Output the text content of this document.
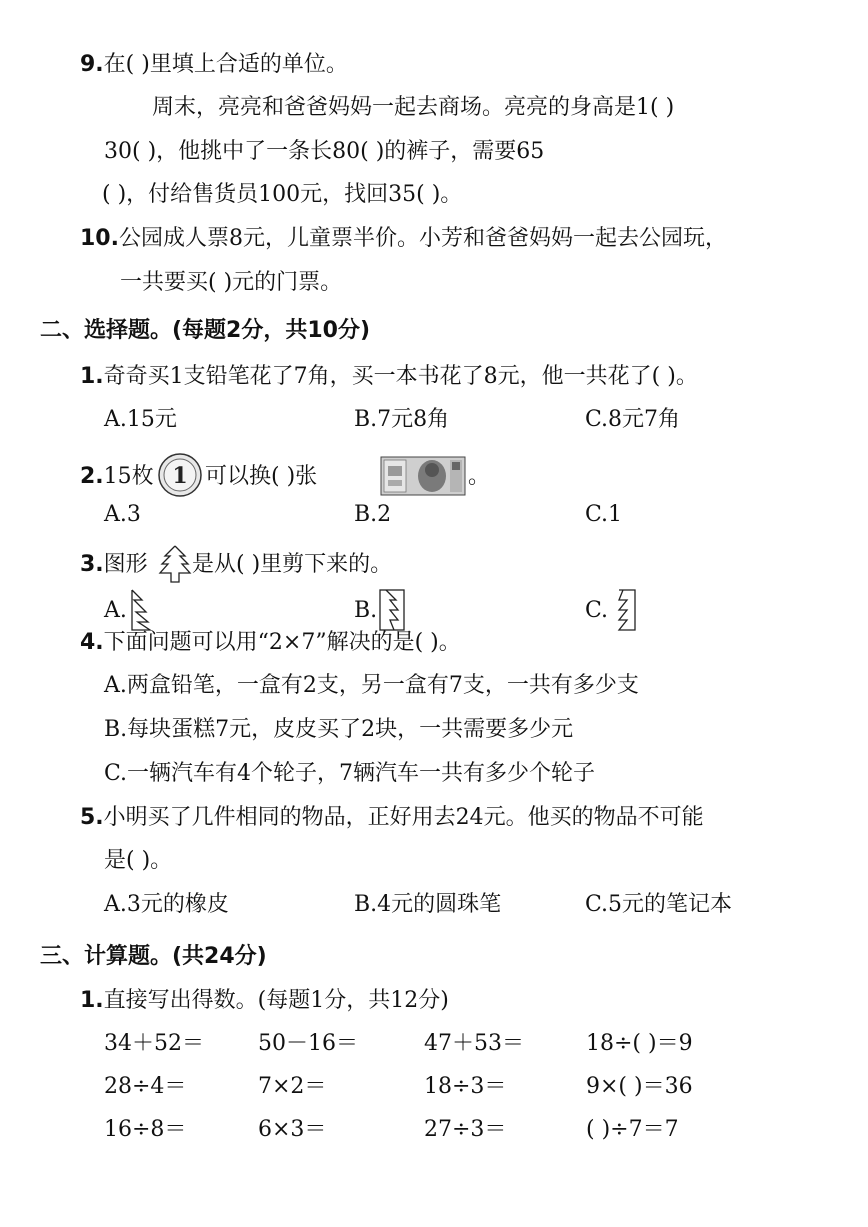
9.在( )里填上合适的单位。
周末，亮亮和爸爸妈妈一起去商场。亮亮的身高是1( )
30( )，他挑中了一条长80( )的裤子，需要65
( )，付给售货员100元，找回35( )。
10.公园成人票8元，儿童票半价。小芳和爸爸妈妈一起去公园玩，
一共要买( )元的门票。
二、选择题。(每题2分，共10分)
1.奇奇买1支铅笔花了7角，买一本书花了8元，他一共花了( )。
A.15元	B.7元8角	C.8元7角
2.15枚 1 可以换( )张	。
A.3	B.2	C.1
3.图形 是从( )里剪下来的。
A.	B.	C.
4.下面问题可以用“2×7”解决的是( )。
A.两盒铅笔，一盒有2支，另一盒有7支，一共有多少支
B.每块蛋糕7元，皮皮买了2块，一共需要多少元
C.一辆汽车有4个轮子，7辆汽车一共有多少个轮子
5.小明买了几件相同的物品，正好用去24元。他买的物品不可能
是( )。
A.3元的橡皮	B.4元的圆珠笔	C.5元的笔记本
三、计算题。(共24分)
1.直接写出得数。(每题1分，共12分)
34＋52＝ 50－16＝	47＋53＝	18÷( )＝9
28÷4＝	7×2＝	18÷3＝	9×( )＝36
16÷8＝	6×3＝	27÷3＝	( )÷7＝7
